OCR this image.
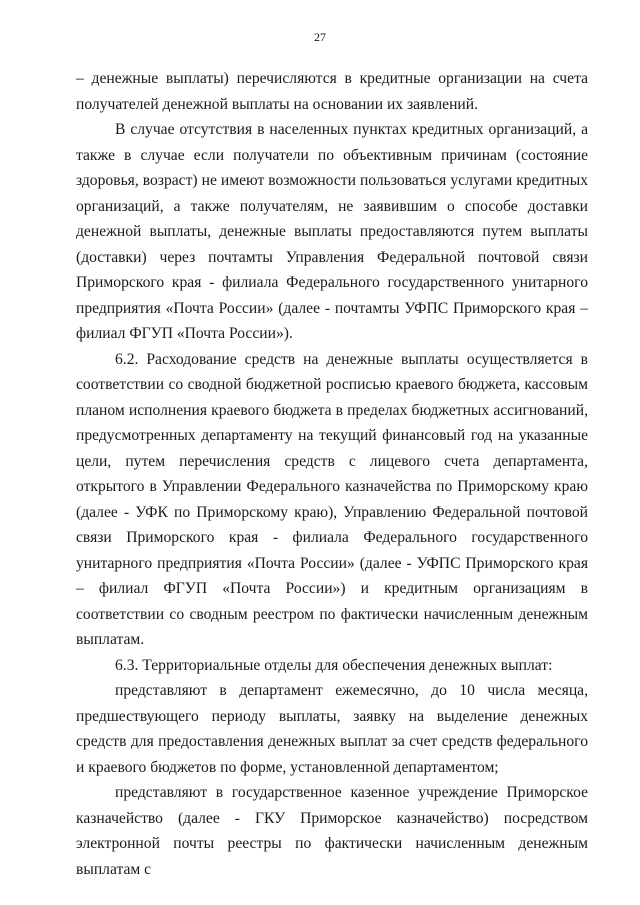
27

– денежные выплаты) перечисляются в кредитные организации на счета получателей денежной выплаты на основании их заявлений.

В случае отсутствия в населенных пунктах кредитных организаций, а также в случае если получатели по объективным причинам (состояние здоровья, возраст) не имеют возможности пользоваться услугами кредитных организаций, а также получателям, не заявившим о способе доставки денежной выплаты, денежные выплаты предоставляются путем выплаты (доставки) через почтамты Управления Федеральной почтовой связи Приморского края - филиала Федерального государственного унитарного предприятия «Почта России» (далее - почтамты УФПС Приморского края – филиал ФГУП «Почта России»).

6.2. Расходование средств на денежные выплаты осуществляется в соответствии со сводной бюджетной росписью краевого бюджета, кассовым планом исполнения краевого бюджета в пределах бюджетных ассигнований, предусмотренных департаменту на текущий финансовый год на указанные цели, путем перечисления средств с лицевого счета департамента, открытого в Управлении Федерального казначейства по Приморскому краю (далее - УФК по Приморскому краю), Управлению Федеральной почтовой связи Приморского края - филиала Федерального государственного унитарного предприятия «Почта России» (далее - УФПС Приморского края – филиал ФГУП «Почта России») и кредитным организациям в соответствии со сводным реестром по фактически начисленным денежным выплатам.

6.3. Территориальные отделы для обеспечения денежных выплат:

представляют в департамент ежемесячно, до 10 числа месяца, предшествующего периоду выплаты, заявку на выделение денежных средств для предоставления денежных выплат за счет средств федерального и краевого бюджетов по форме, установленной департаментом;

представляют в государственное казенное учреждение Приморское казначейство (далее - ГКУ Приморское казначейство) посредством электронной почты реестры по фактически начисленным денежным выплатам с
